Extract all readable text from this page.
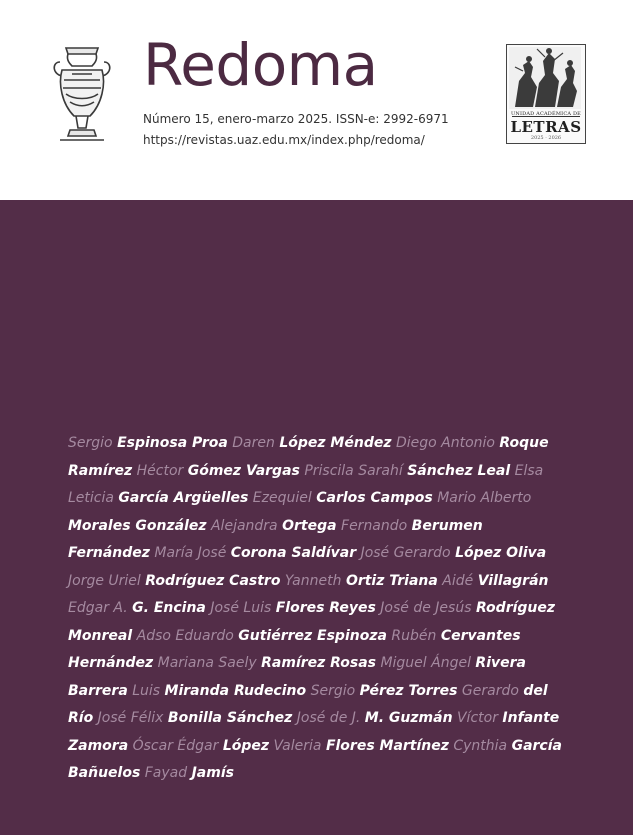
Redoma
Número 15, enero-marzo 2025. ISSN-e: 2992-6971
https://revistas.uaz.edu.mx/index.php/redoma/
UNIDAD ACADÉMICA DE
LETRAS
2025 · 2026
Sergio Espinosa Proa Daren López Méndez Diego Antonio Roque Ramírez Héctor Gómez Vargas Priscila Sarahí Sánchez Leal Elsa Leticia García Argüelles Ezequiel Carlos Campos Mario Alberto Morales González Alejandra Ortega Fernando Berumen Fernández María José Corona Saldívar José Gerardo López Oliva Jorge Uriel Rodríguez Castro Yanneth Ortiz Triana Aidé Villagrán Edgar A. G. Encina José Luis Flores Reyes José de Jesús Rodríguez Monreal Adso Eduardo Gutiérrez Espinoza Rubén Cervantes Hernández Mariana Saely Ramírez Rosas Miguel Ángel Rivera Barrera Luis Miranda Rudecino Sergio Pérez Torres Gerardo del Río José Félix Bonilla Sánchez José de J. M. Guzmán Víctor Infante Zamora Óscar Édgar López Valeria Flores Martínez Cynthia García Bañuelos Fayad Jamís
